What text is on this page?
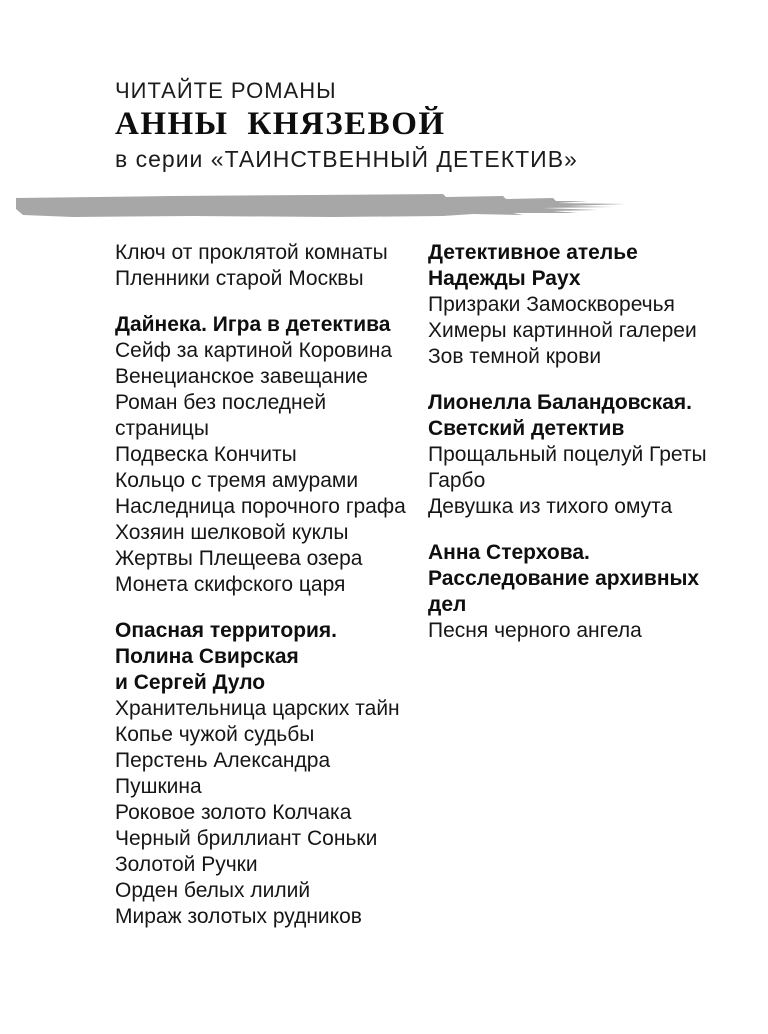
ЧИТАЙТЕ РОМАНЫ
АННЫ КНЯЗЕВОЙ
в серии «ТАИНСТВЕННЫЙ ДЕТЕКТИВ»
Ключ от проклятой комнаты
Пленники старой Москвы
Дайнека. Игра в детектива
Сейф за картиной Коровина
Венецианское завещание
Роман без последней
страницы
Подвеска Кончиты
Кольцо с тремя амурами
Наследница порочного графа
Хозяин шелковой куклы
Жертвы Плещеева озера
Монета скифского царя
Опасная территория.
Полина Свирская
и Сергей Дуло
Хранительница царских тайн
Копье чужой судьбы
Перстень Александра
Пушкина
Роковое золото Колчака
Черный бриллиант Соньки
Золотой Ручки
Орден белых лилий
Мираж золотых рудников
Детективное ателье
Надежды Раух
Призраки Замоскворечья
Химеры картинной галереи
Зов темной крови
Лионелла Баландовская.
Светский детектив
Прощальный поцелуй Греты
Гарбо
Девушка из тихого омута
Анна Стерхова.
Расследование архивных
дел
Песня черного ангела
